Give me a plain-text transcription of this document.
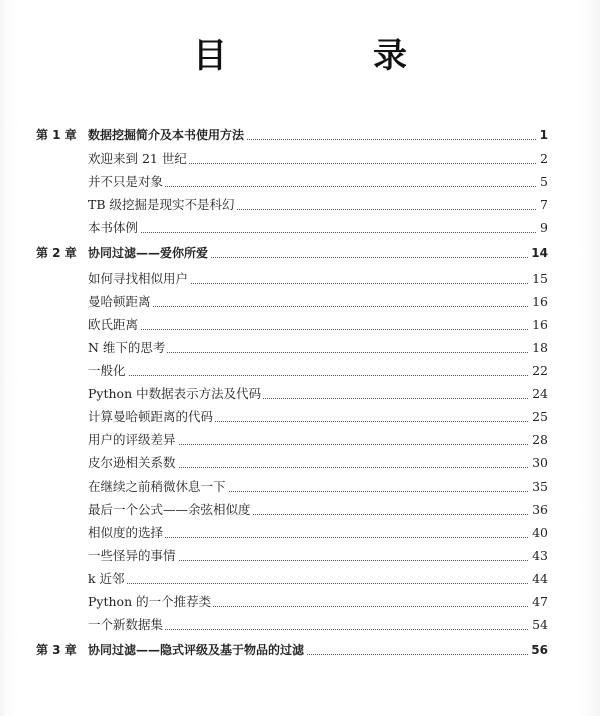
目　录
第 1 章 数据挖掘简介及本书使用方法	1
欢迎来到 21 世纪	2
并不只是对象	5
TB 级挖掘是现实不是科幻	7
本书体例	9
第 2 章 协同过滤——爱你所爱	14
如何寻找相似用户	15
曼哈顿距离	16
欧氏距离	16
N 维下的思考	18
一般化	22
Python 中数据表示方法及代码	24
计算曼哈顿距离的代码	25
用户的评级差异	28
皮尔逊相关系数	30
在继续之前稍微休息一下	35
最后一个公式——余弦相似度	36
相似度的选择	40
一些怪异的事情	43
k 近邻	44
Python 的一个推荐类	47
一个新数据集	54
第 3 章 协同过滤——隐式评级及基于物品的过滤	56
